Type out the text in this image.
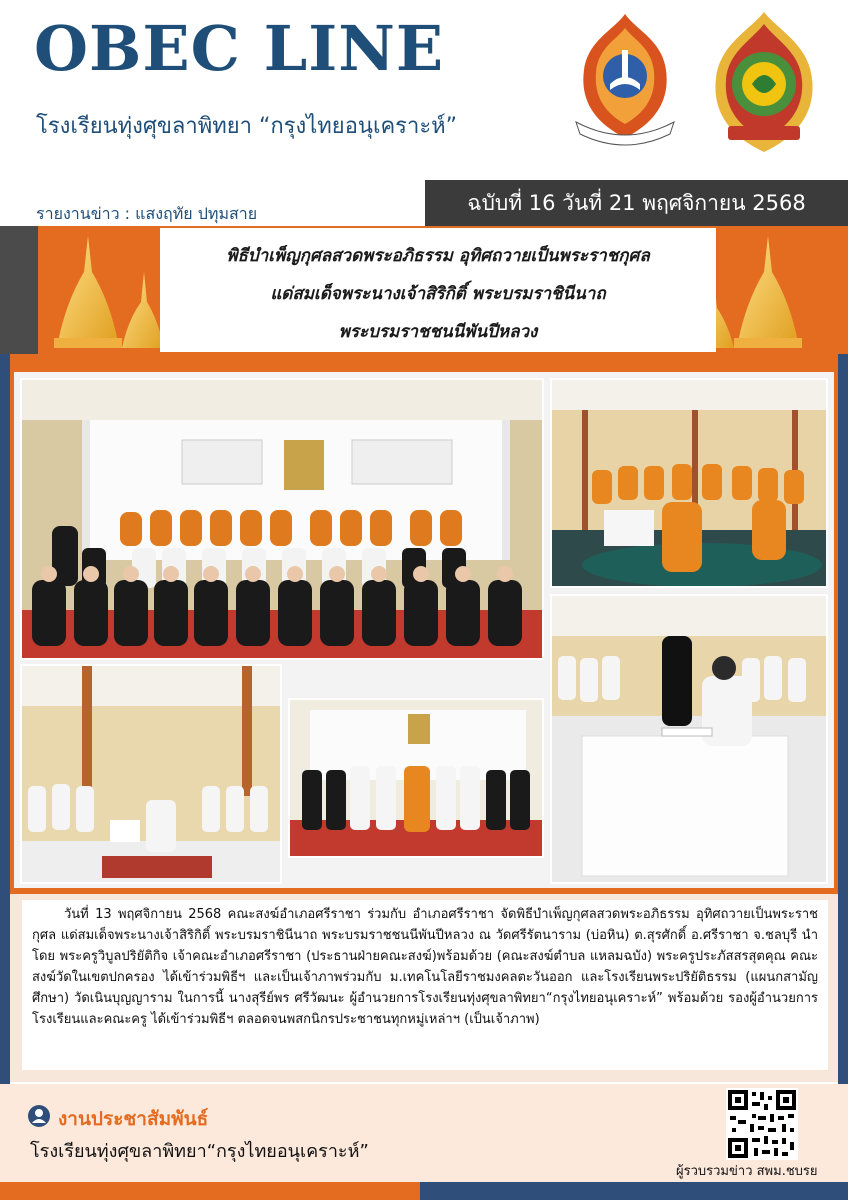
OBEC LINE
โรงเรียนทุ่งศุขลาพิทยา “กรุงไทยอนุเคราะห์”
รายงานข่าว : แสงฤทัย ปทุมสาย	ฉบับที่ 16 วันที่ 21 พฤศจิกายน 2568
พิธีบำเพ็ญกุศลสวดพระอภิธรรม อุทิศถวายเป็นพระราชกุศล
แด่สมเด็จพระนางเจ้าสิริกิติ์ พระบรมราชินีนาถ
พระบรมราชชนนีพันปีหลวง

วันที่ 13 พฤศจิกายน 2568 คณะสงฆ์อำเภอศรีราชา ร่วมกับ อำเภอศรีราชา จัดพิธีบำเพ็ญกุศลสวดพระอภิธรรม อุทิศถวายเป็นพระราชกุศล แด่สมเด็จพระนางเจ้าสิริกิติ์ พระบรมราชินีนาถ พระบรมราชชนนีพันปีหลวง ณ วัดศรีรัตนาราม (บ่อหิน) ต.สุรศักดิ์ อ.ศรีราชา จ.ชลบุรี นำโดย พระครูวิบูลปริยัติกิจ เจ้าคณะอำเภอศรีราชา (ประธานฝ่ายคณะสงฆ์)พร้อมด้วย (คณะสงฆ์ตำบล แหลมฉบัง) พระครูประภัสสรสุตคุณ คณะสงฆ์วัดในเขตปกครอง ได้เข้าร่วมพิธีฯ และเป็นเจ้าภาพร่วมกับ ม.เทคโนโลยีราชมงคลตะวันออก และโรงเรียนพระปริยัติธรรม (แผนกสามัญศึกษา) วัดเนินบุญญาราม ในการนี้ นางสุรีย์พร ศรีวัฒนะ ผู้อำนวยการโรงเรียนทุ่งศุขลาพิทยา“กรุงไทยอนุเคราะห์” พร้อมด้วย รองผู้อำนวยการโรงเรียนและคณะครู ได้เข้าร่วมพิธีฯ ตลอดจนพสกนิกรประชาชนทุกหมู่เหล่าฯ (เป็นเจ้าภาพ)

งานประชาสัมพันธ์
โรงเรียนทุ่งศุขลาพิทยา“กรุงไทยอนุเคราะห์”
ผู้รวบรวมข่าว สพม.ชบรย
